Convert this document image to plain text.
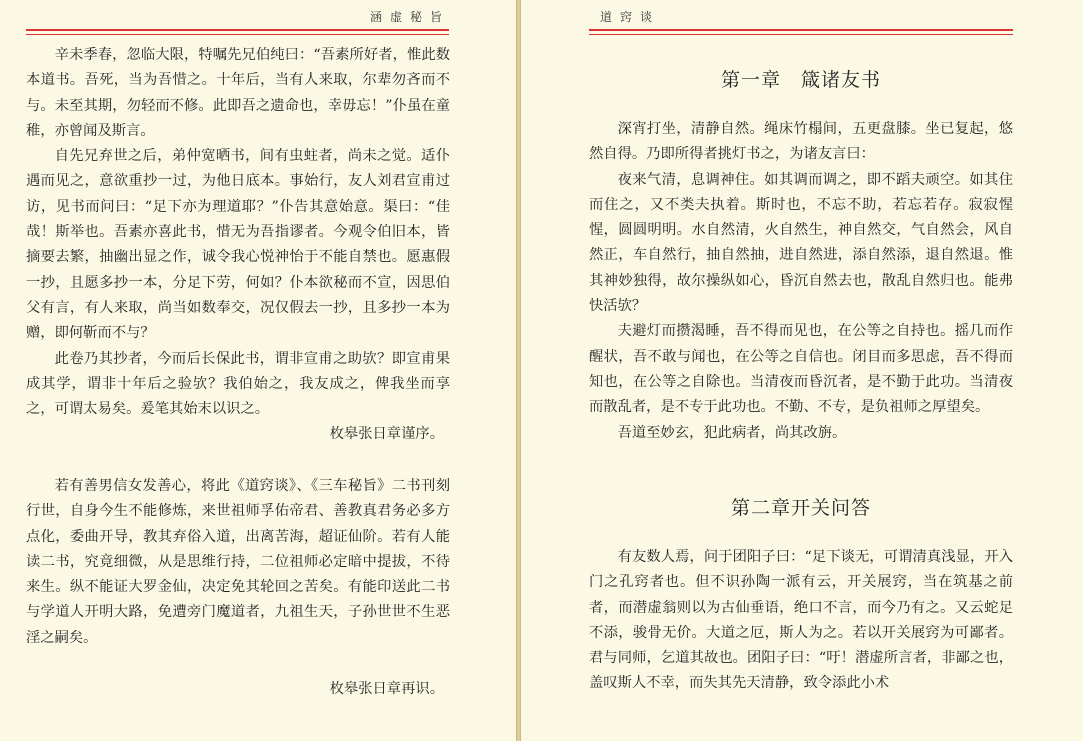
涵虚秘旨

辛未季春，忽临大限，特嘱先兄伯纯曰：“吾素所好者，惟此数本道书。吾死，当为吾惜之。十年后，当有人来取，尔辈勿吝而不与。未至其期，勿轻而不修。此即吾之遗命也，幸毋忘！”仆虽在童稚，亦曾闻及斯言。

自先兄弃世之后，弟仲宽晒书，间有虫蛀者，尚未之觉。适仆遇而见之，意欲重抄一过，为他日底本。事始行，友人刘君宣甫过访，见书而问曰：“足下亦为理道耶？”仆告其意始意。渠曰：“佳哉！斯举也。吾素亦喜此书，惜无为吾指谬者。今观令伯旧本，皆摘要去繁，抽幽出显之作，诚令我心悦神怡于不能自禁也。愿惠假一抄，且愿多抄一本，分足下劳，何如？仆本欲秘而不宣，因思伯父有言，有人来取，尚当如数奉交，况仅假去一抄，且多抄一本为赠，即何靳而不与？

此卷乃其抄者，今而后长保此书，谓非宣甫之助欤？即宣甫果成其学，谓非十年后之验欤？我伯始之，我友成之，俾我坐而享之，可谓太易矣。爰笔其始末以识之。

枚皋张日章谨序。

若有善男信女发善心，将此《道窍谈》、《三车秘旨》二书刊刻行世，自身今生不能修炼，来世祖师孚佑帝君、善教真君务必多方点化，委曲开导，教其弃俗入道，出离苦海，超证仙阶。若有人能读二书，究竟细微，从是思维行持，二位祖师必定暗中提拔，不待来生。纵不能证大罗金仙，决定免其轮回之苦矣。有能印送此二书与学道人开明大路，免遭旁门魔道者，九祖生天，子孙世世不生恶淫之嗣矣。

枚皋张日章再识。

道窍谈
第一章　箴诸友书

深宵打坐，清静自然。绳床竹榻间，五更盘膝。坐已复起，悠然自得。乃即所得者挑灯书之，为诸友言曰：

夜来气清，息调神住。如其调而调之，即不蹈夫顽空。如其住而住之，又不类夫执着。斯时也，不忘不助，若忘若存。寂寂惺惺，圆圆明明。水自然清，火自然生，神自然交，气自然会，风自然正，车自然行，抽自然抽，进自然进，添自然添，退自然退。惟其神妙独得，故尔操纵如心，昏沉自然去也，散乱自然归也。能弗快活欤？

夫避灯而攒渴睡，吾不得而见也，在公等之自持也。摇几而作醒状，吾不敢与闻也，在公等之自信也。闭目而多思虑，吾不得而知也，在公等之自除也。当清夜而昏沉者，是不勤于此功。当清夜而散乱者，是不专于此功也。不勤、不专，是负祖师之厚望矣。

吾道至妙玄，犯此病者，尚其改旃。

第二章开关问答

有友数人焉，问于团阳子曰：“足下谈无，可谓清真浅显，开入门之孔窍者也。但不识孙陶一派有云，开关展窍，当在筑基之前者，而潜虚翁则以为古仙垂语，绝口不言，而今乃有之。又云蛇足不添，骏骨无价。大道之厄，斯人为之。若以开关展窍为可鄙者。君与同师，乞道其故也。团阳子曰：“吁！潜虚所言者，非鄙之也，盖叹斯人不幸，而失其先天清静，致令添此小术
